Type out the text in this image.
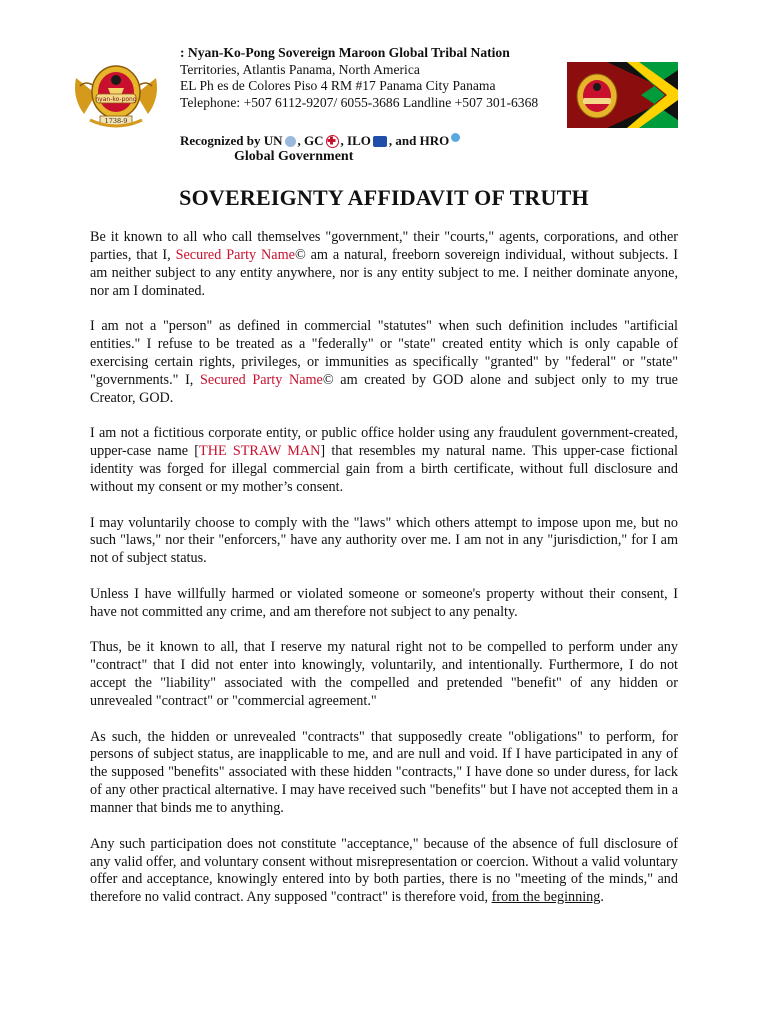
nyan-ko-pong
1738-9
: Nyan-Ko-Pong Sovereign Maroon Global Tribal Nation
Territories, Atlantis Panama, North America
EL Ph es de Colores Piso 4 RM #17 Panama City Panama
Telephone: +507 6112-9207/ 6055-3686 Landline +507 301-6368
Recognized by UN , GC , ILO , and HRO
Global Government
SOVEREIGNTY AFFIDAVIT OF TRUTH

Be it known to all who call themselves "government," their "courts," agents, corporations, and other parties, that I, Secured Party Name© am a natural, freeborn sovereign individual, without subjects. I am neither subject to any entity anywhere, nor is any entity subject to me. I neither dominate anyone, nor am I dominated.

I am not a "person" as defined in commercial "statutes" when such definition includes "artificial entities." I refuse to be treated as a "federally" or "state" created entity which is only capable of exercising certain rights, privileges, or immunities as specifically "granted" by "federal" or "state" "governments." I, Secured Party Name© am created by GOD alone and subject only to my true Creator, GOD.

I am not a fictitious corporate entity, or public office holder using any fraudulent government-created, upper-case name [THE STRAW MAN] that resembles my natural name. This upper-case fictional identity was forged for illegal commercial gain from a birth certificate, without full disclosure and without my consent or my mother’s consent.

I may voluntarily choose to comply with the "laws" which others attempt to impose upon me, but no such "laws," nor their "enforcers," have any authority over me. I am not in any "jurisdiction," for I am not of subject status.

Unless I have willfully harmed or violated someone or someone's property without their consent, I have not committed any crime, and am therefore not subject to any penalty.

Thus, be it known to all, that I reserve my natural right not to be compelled to perform under any "contract" that I did not enter into knowingly, voluntarily, and intentionally. Furthermore, I do not accept the "liability" associated with the compelled and pretended "benefit" of any hidden or unrevealed "contract" or "commercial agreement."

As such, the hidden or unrevealed "contracts" that supposedly create "obligations" to perform, for persons of subject status, are inapplicable to me, and are null and void. If I have participated in any of the supposed "benefits" associated with these hidden "contracts," I have done so under duress, for lack of any other practical alternative. I may have received such "benefits" but I have not accepted them in a manner that binds me to anything.

Any such participation does not constitute "acceptance," because of the absence of full disclosure of any valid offer, and voluntary consent without misrepresentation or coercion. Without a valid voluntary offer and acceptance, knowingly entered into by both parties, there is no "meeting of the minds," and therefore no valid contract. Any supposed "contract" is therefore void, from the beginning.
